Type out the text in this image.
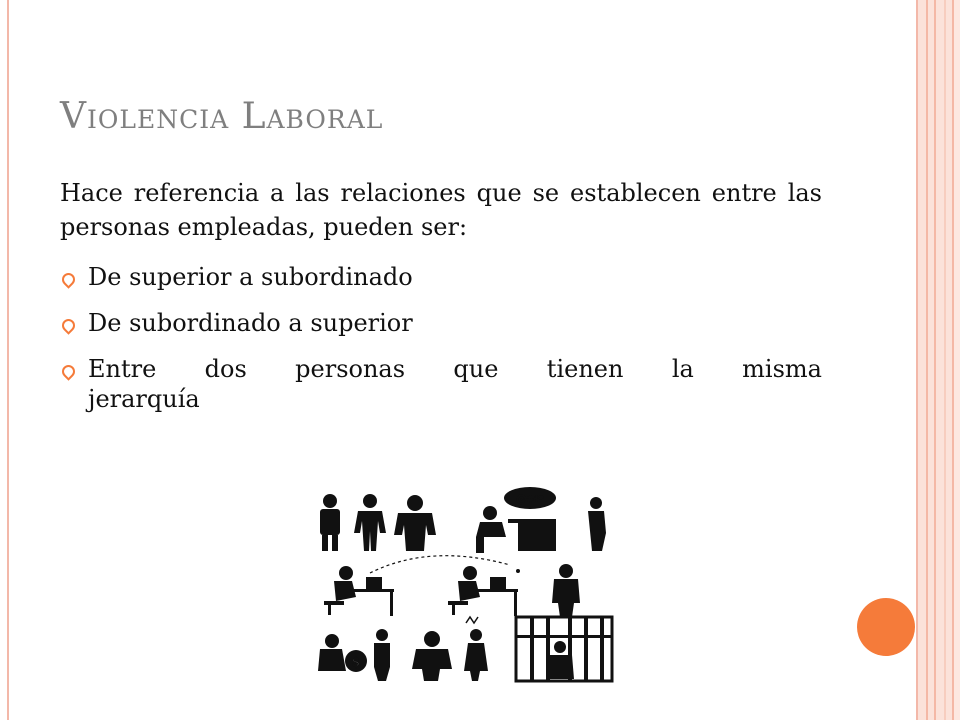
Violencia Laboral

Hace referencia a las relaciones que se establecen entre las personas empleadas, pueden ser:

De superior a subordinado
De subordinado a superior
Entre dos personas que tienen la misma jerarquía
@#!*
$
